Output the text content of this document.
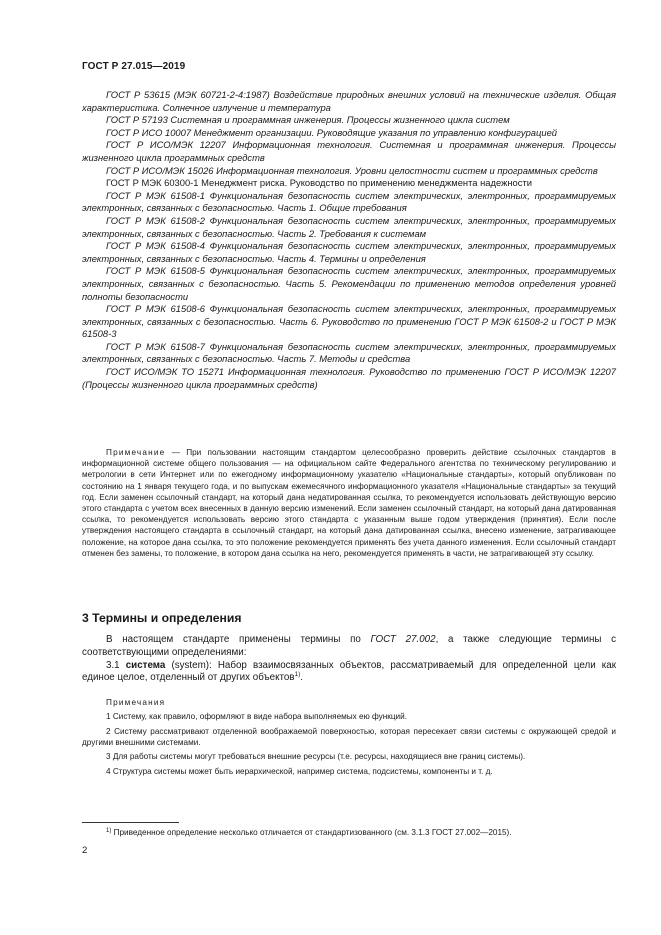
ГОСТ Р 27.015—2019

ГОСТ Р 53615 (МЭК 60721-2-4:1987) Воздействие природных внешних условий на технические изделия. Общая характеристика. Солнечное излучение и температура

ГОСТ Р 57193 Системная и программная инженерия. Процессы жизненного цикла систем

ГОСТ Р ИСО 10007 Менеджмент организации. Руководящие указания по управлению конфигурацией

ГОСТ Р ИСО/МЭК 12207 Информационная технология. Системная и программная инженерия. Процессы жизненного цикла программных средств

ГОСТ Р ИСО/МЭК 15026 Информационная технология. Уровни целостности систем и программных средств

ГОСТ Р МЭК 60300-1 Менеджмент риска. Руководство по применению менеджмента надежности

ГОСТ Р МЭК 61508-1 Функциональная безопасность систем электрических, электронных, программируемых электронных, связанных с безопасностью. Часть 1. Общие требования

ГОСТ Р МЭК 61508-2 Функциональная безопасность систем электрических, электронных, программируемых электронных, связанных с безопасностью. Часть 2. Требования к системам

ГОСТ Р МЭК 61508-4 Функциональная безопасность систем электрических, электронных, программируемых электронных, связанных с безопасностью. Часть 4. Термины и определения

ГОСТ Р МЭК 61508-5 Функциональная безопасность систем электрических, электронных, программируемых электронных, связанных с безопасностью. Часть 5. Рекомендации по применению методов определения уровней полноты безопасности

ГОСТ Р МЭК 61508-6 Функциональная безопасность систем электрических, электронных, программируемых электронных, связанных с безопасностью. Часть 6. Руководство по применению ГОСТ Р МЭК 61508-2 и ГОСТ Р МЭК 61508-3

ГОСТ Р МЭК 61508-7 Функциональная безопасность систем электрических, электронных, программируемых электронных, связанных с безопасностью. Часть 7. Методы и средства

ГОСТ ИСО/МЭК ТО 15271 Информационная технология. Руководство по применению ГОСТ Р ИСО/МЭК 12207 (Процессы жизненного цикла программных средств)

Примечание — При пользовании настоящим стандартом целесообразно проверить действие ссылочных стандартов в информационной системе общего пользования — на официальном сайте Федерального агентства по техническому регулированию и метрологии в сети Интернет или по ежегодному информационному указателю «Национальные стандарты», который опубликован по состоянию на 1 января текущего года, и по выпускам ежемесячного информационного указателя «Национальные стандарты» за текущий год. Если заменен ссылочный стандарт, на который дана недатированная ссылка, то рекомендуется использовать действующую версию этого стандарта с учетом всех внесенных в данную версию изменений. Если заменен ссылочный стандарт, на который дана датированная ссылка, то рекомендуется использовать версию этого стандарта с указанным выше годом утверждения (принятия). Если после утверждения настоящего стандарта в ссылочный стандарт, на который дана датированная ссылка, внесено изменение, затрагивающее положение, на которое дана ссылка, то это положение рекомендуется применять без учета данного изменения. Если ссылочный стандарт отменен без замены, то положение, в котором дана ссылка на него, рекомендуется применять в части, не затрагивающей эту ссылку.

3 Термины и определения

В настоящем стандарте применены термины по ГОСТ 27.002, а также следующие термины с соответствующими определениями:

3.1 система (system): Набор взаимосвязанных объектов, рассматриваемый для определенной цели как единое целое, отделенный от других объектов$^{1)}$.

Примечания

1 Систему, как правило, оформляют в виде набора выполняемых ею функций.

2 Систему рассматривают отделенной воображаемой поверхностью, которая пересекает связи системы с окружающей средой и другими внешними системами.

3 Для работы системы могут требоваться внешние ресурсы (т.е. ресурсы, находящиеся вне границ системы).

4 Структура системы может быть иерархической, например система, подсистемы, компоненты и т. д.

$^{1)}$ Приведенное определение несколько отличается от стандартизованного (см. 3.1.3 ГОСТ 27.002—2015).
2
